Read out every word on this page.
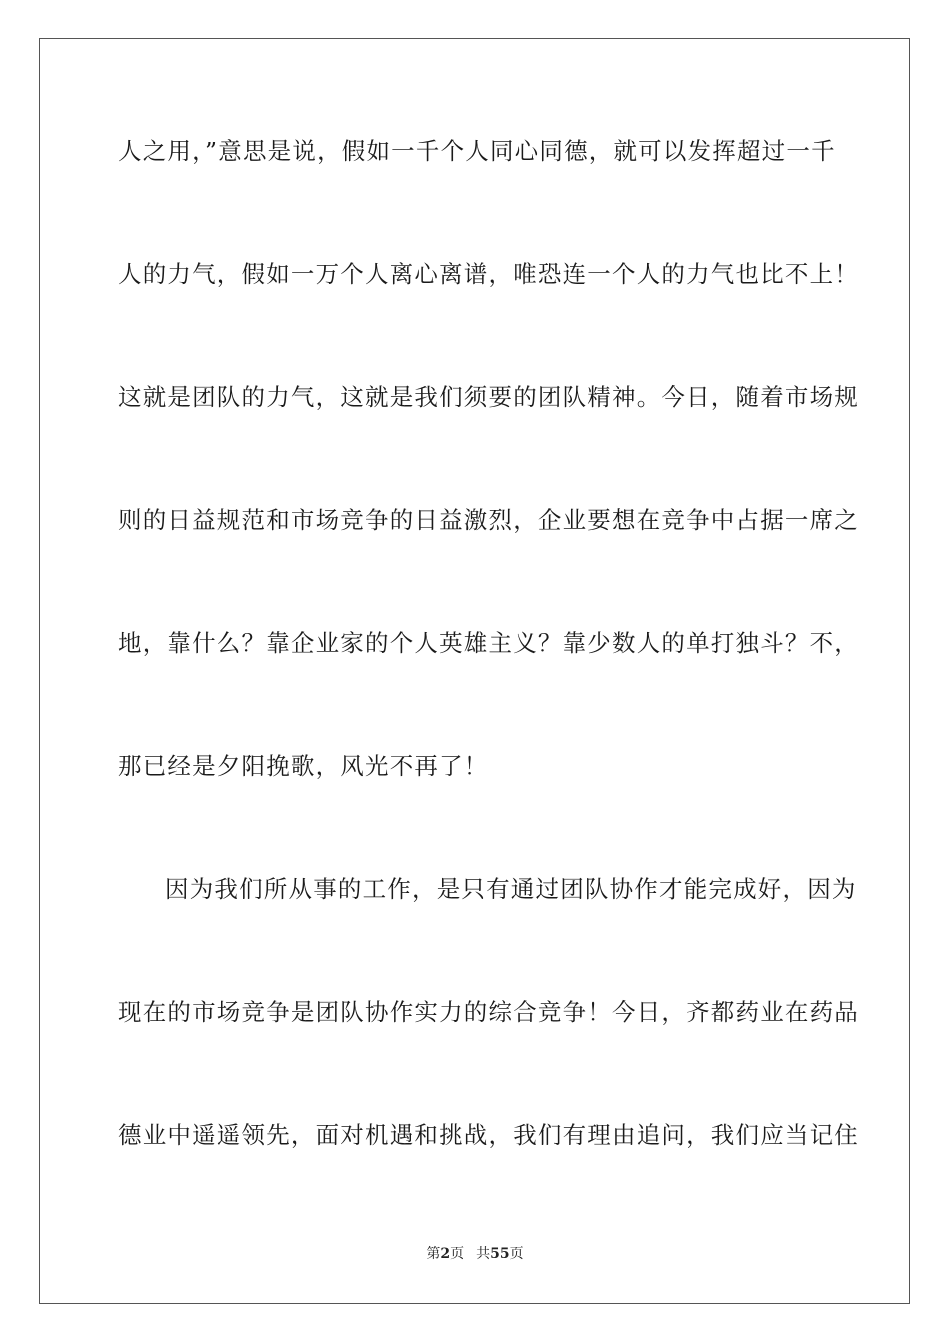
人之用，”意思是说，假如一千个人同心同德，就可以发挥超过一千
人的力气，假如一万个人离心离谱，唯恐连一个人的力气也比不上！
这就是团队的力气，这就是我们须要的团队精神。今日，随着市场规
则的日益规范和市场竞争的日益激烈，企业要想在竞争中占据一席之
地，靠什么？靠企业家的个人英雄主义？靠少数人的单打独斗？不，
那已经是夕阳挽歌，风光不再了！
因为我们所从事的工作，是只有通过团队协作才能完成好，因为
现在的市场竞争是团队协作实力的综合竞争！今日，齐都药业在药品
德业中遥遥领先，面对机遇和挑战，我们有理由追问，我们应当记住
第2页 共55页
